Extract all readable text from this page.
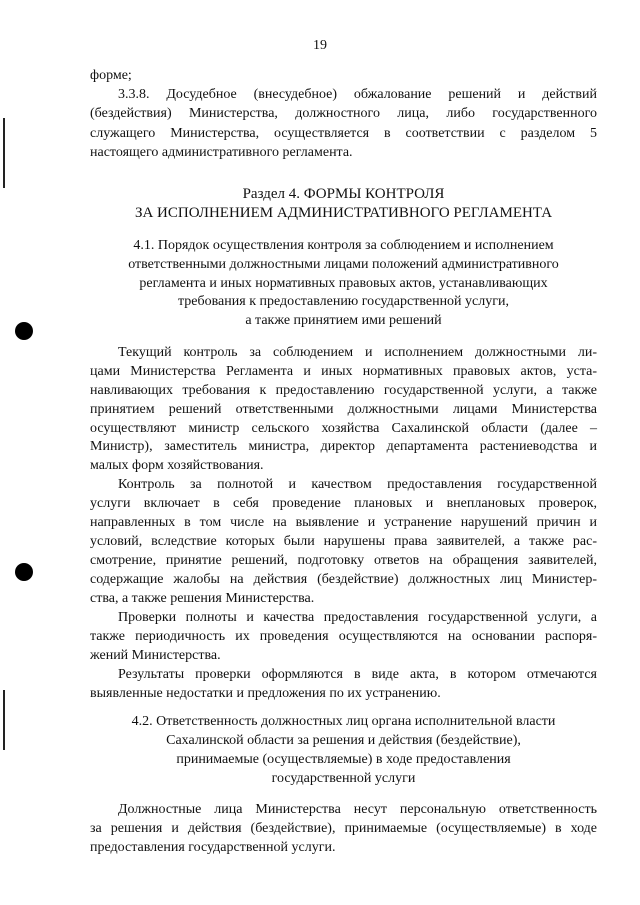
19
форме;
3.3.8. Досудебное (внесудебное) обжалование решений и действий
(бездействия) Министерства, должностного лица, либо государственного
служащего Министерства, осуществляется в соответствии с разделом 5
настоящего административного регламента.
Раздел 4. ФОРМЫ КОНТРОЛЯ
ЗА ИСПОЛНЕНИЕМ АДМИНИСТРАТИВНОГО РЕГЛАМЕНТА
4.1. Порядок осуществления контроля за соблюдением и исполнением
ответственными должностными лицами положений административного
регламента и иных нормативных правовых актов, устанавливающих
требования к предоставлению государственной услуги,
а также принятием ими решений
Текущий контроль за соблюдением и исполнением должностными ли-
цами Министерства Регламента и иных нормативных правовых актов, уста-
навливающих требования к предоставлению государственной услуги, а также
принятием решений ответственными должностными лицами Министерства
осуществляют министр сельского хозяйства Сахалинской области (далее –
Министр), заместитель министра, директор департамента растениеводства и
малых форм хозяйствования.
Контроль за полнотой и качеством предоставления государственной
услуги включает в себя проведение плановых и внеплановых проверок,
направленных в том числе на выявление и устранение нарушений причин и
условий, вследствие которых были нарушены права заявителей, а также рас-
смотрение, принятие решений, подготовку ответов на обращения заявителей,
содержащие жалобы на действия (бездействие) должностных лиц Министер-
ства, а также решения Министерства.
Проверки полноты и качества предоставления государственной услуги, а
также периодичность их проведения осуществляются на основании распоря-
жений Министерства.
Результаты проверки оформляются в виде акта, в котором отмечаются
выявленные недостатки и предложения по их устранению.
4.2. Ответственность должностных лиц органа исполнительной власти
Сахалинской области за решения и действия (бездействие),
принимаемые (осуществляемые) в ходе предоставления
государственной услуги
Должностные лица Министерства несут персональную ответственность
за решения и действия (бездействие), принимаемые (осуществляемые) в ходе
предоставления государственной услуги.
